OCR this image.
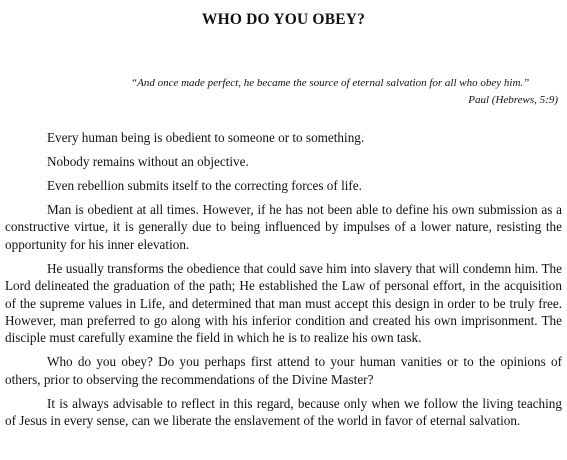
WHO DO YOU OBEY?
“And once made perfect, he became the source of eternal salvation for all who obey him.”
Paul (Hebrews, 5:9)

Every human being is obedient to someone or to something.

Nobody remains without an objective.

Even rebellion submits itself to the correcting forces of life.

Man is obedient at all times. However, if he has not been able to define his own submission as a constructive virtue, it is generally due to being influenced by impulses of a lower nature, resisting the opportunity for his inner elevation.

He usually transforms the obedience that could save him into slavery that will condemn him. The Lord delineated the graduation of the path; He established the Law of personal effort, in the acquisition of the supreme values in Life, and determined that man must accept this design in order to be truly free. However, man preferred to go along with his inferior condition and created his own imprisonment. The disciple must carefully examine the field in which he is to realize his own task.

Who do you obey? Do you perhaps first attend to your human vanities or to the opinions of others, prior to observing the recommendations of the Divine Master?

It is always advisable to reflect in this regard, because only when we follow the living teaching of Jesus in every sense, can we liberate the enslavement of the world in favor of eternal salvation.
